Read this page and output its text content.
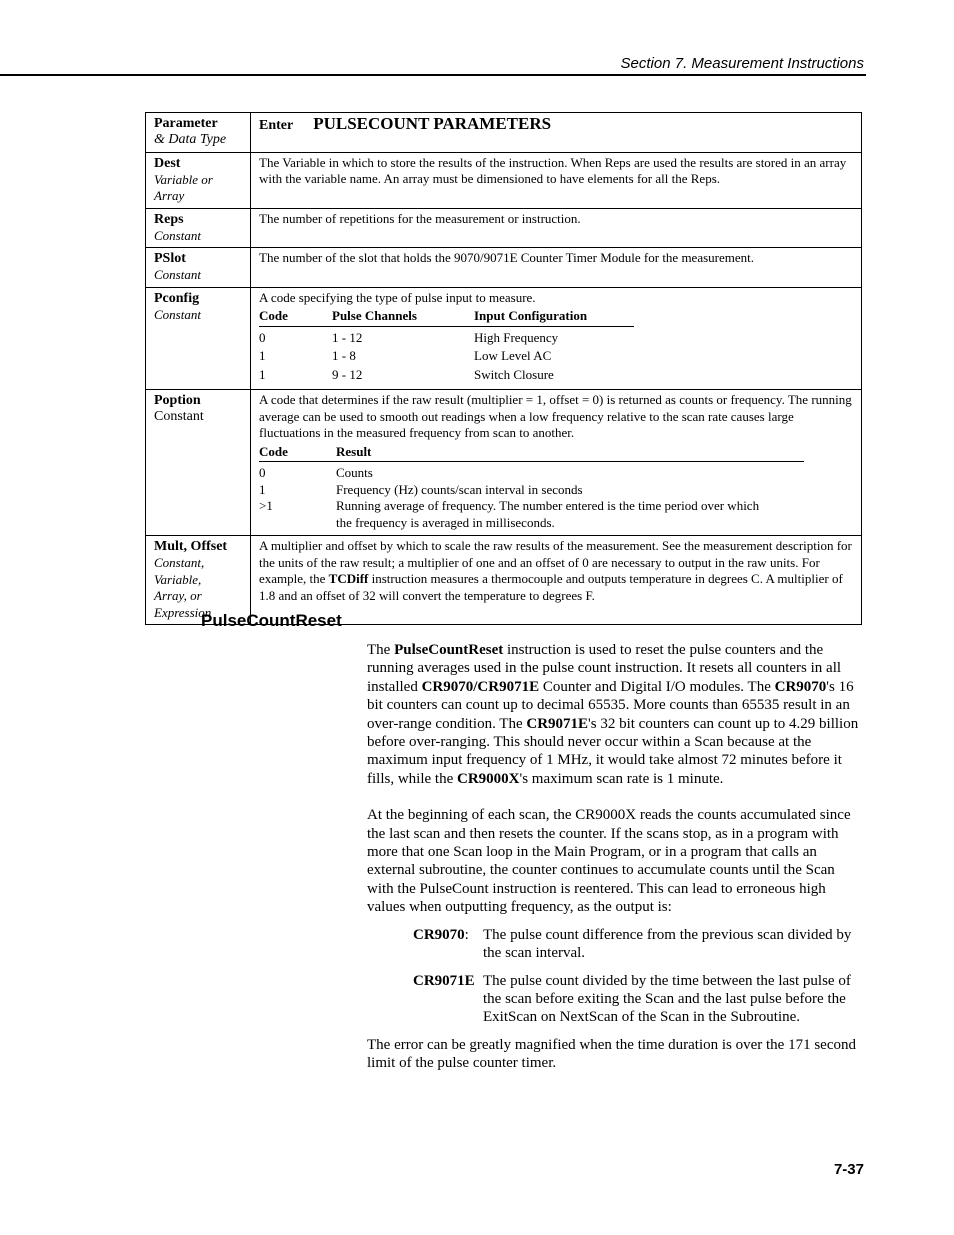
Section 7. Measurement Instructions
Parameter
& Data Type
	Enter PULSECOUNT PARAMETERS

Dest
Variable or
Array
	The Variable in which to store the results of the instruction. When Reps are used the results are stored in an array with the variable name. An array must be dimensioned to have elements for all the Reps.

Reps
Constant
	The number of repetitions for the measurement or instruction.

PSlot
Constant
	The number of the slot that holds the 9070/9071E Counter Timer Module for the measurement.

Pconfig
Constant

A code specifying the type of pulse input to measure.
Code	Pulse Channels	Input Configuration
0	1 - 12	High Frequency
1	1 - 8	Low Level AC
1	9 - 12	Switch Closure

Poption
Constant

A code that determines if the raw result (multiplier = 1, offset = 0) is returned as counts or frequency. The running average can be used to smooth out readings when a low frequency relative to the scan rate causes large fluctuations in the measured frequency from scan to another.
Code	Result
0	Counts
1	Frequency (Hz) counts/scan interval in seconds
>1	Running average of frequency. The number entered is the time period over which the frequency is averaged in milliseconds.

Mult, Offset
Constant,
Variable,
Array, or
Expression
	A multiplier and offset by which to scale the raw results of the measurement. See the measurement description for the units of the raw result; a multiplier of one and an offset of 0 are necessary to output in the raw units. For example, the TCDiff instruction measures a thermocouple and outputs temperature in degrees C. A multiplier of 1.8 and an offset of 32 will convert the temperature to degrees F.
PulseCountReset

The PulseCountReset instruction is used to reset the pulse counters and the running averages used in the pulse count instruction. It resets all counters in all installed CR9070/CR9071E Counter and Digital I/O modules. The CR9070's 16 bit counters can count up to decimal 65535. More counts than 65535 result in an over-range condition. The CR9071E's 32 bit counters can count up to 4.29 billion before over-ranging. This should never occur within a Scan because at the maximum input frequency of 1 MHz, it would take almost 72 minutes before it fills, while the CR9000X's maximum scan rate is 1 minute.

At the beginning of each scan, the CR9000X reads the counts accumulated since the last scan and then resets the counter. If the scans stop, as in a program with more that one Scan loop in the Main Program, or in a program that calls an external subroutine, the counter continues to accumulate counts until the Scan with the PulseCount instruction is reentered. This can lead to erroneous high values when outputting frequency, as the output is:

CR9070: The pulse count difference from the previous scan divided by the scan interval.
CR9071E The pulse count divided by the time between the last pulse of the scan before exiting the Scan and the last pulse before the ExitScan on NextScan of the Scan in the Subroutine.

The error can be greatly magnified when the time duration is over the 171 second limit of the pulse counter timer.

7-37
